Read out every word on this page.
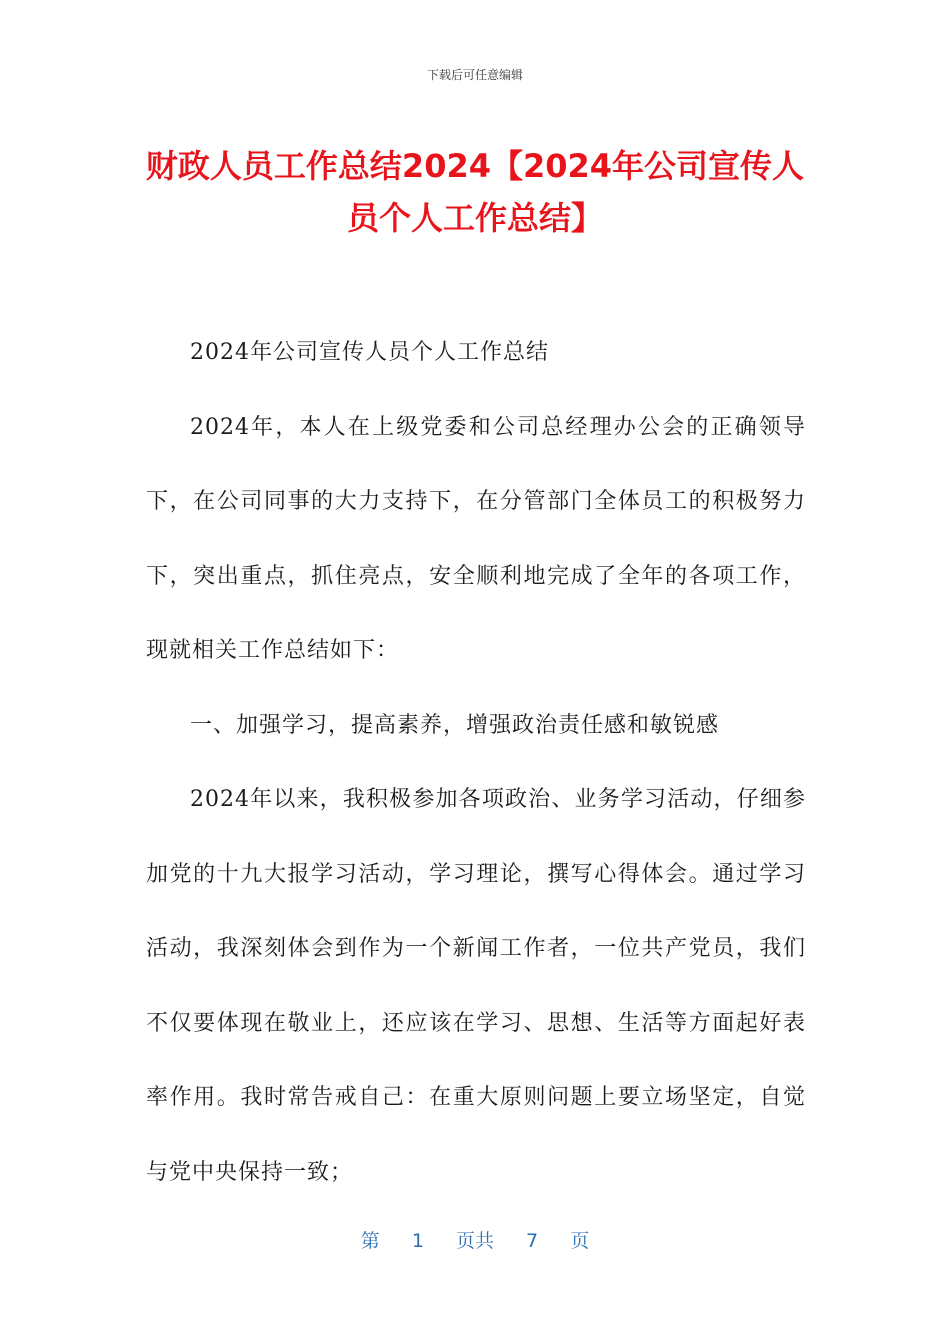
下载后可任意编辑
财政人员工作总结2024【2024年公司宣传人员个人工作总结】

2024年公司宣传人员个人工作总结

2024年，本人在上级党委和公司总经理办公会的正确领导下，在公司同事的大力支持下，在分管部门全体员工的积极努力下，突出重点，抓住亮点，安全顺利地完成了全年的各项工作，现就相关工作总结如下：

一、加强学习，提高素养，增强政治责任感和敏锐感

2024年以来，我积极参加各项政治、业务学习活动，仔细参加党的十九大报学习活动，学习理论，撰写心得体会。通过学习活动，我深刻体会到作为一个新闻工作者，一位共产党员，我们不仅要体现在敬业上，还应该在学习、思想、生活等方面起好表率作用。我时常告戒自己：在重大原则问题上要立场坚定，自觉与党中央保持一致；

第 1 页共 7 页
